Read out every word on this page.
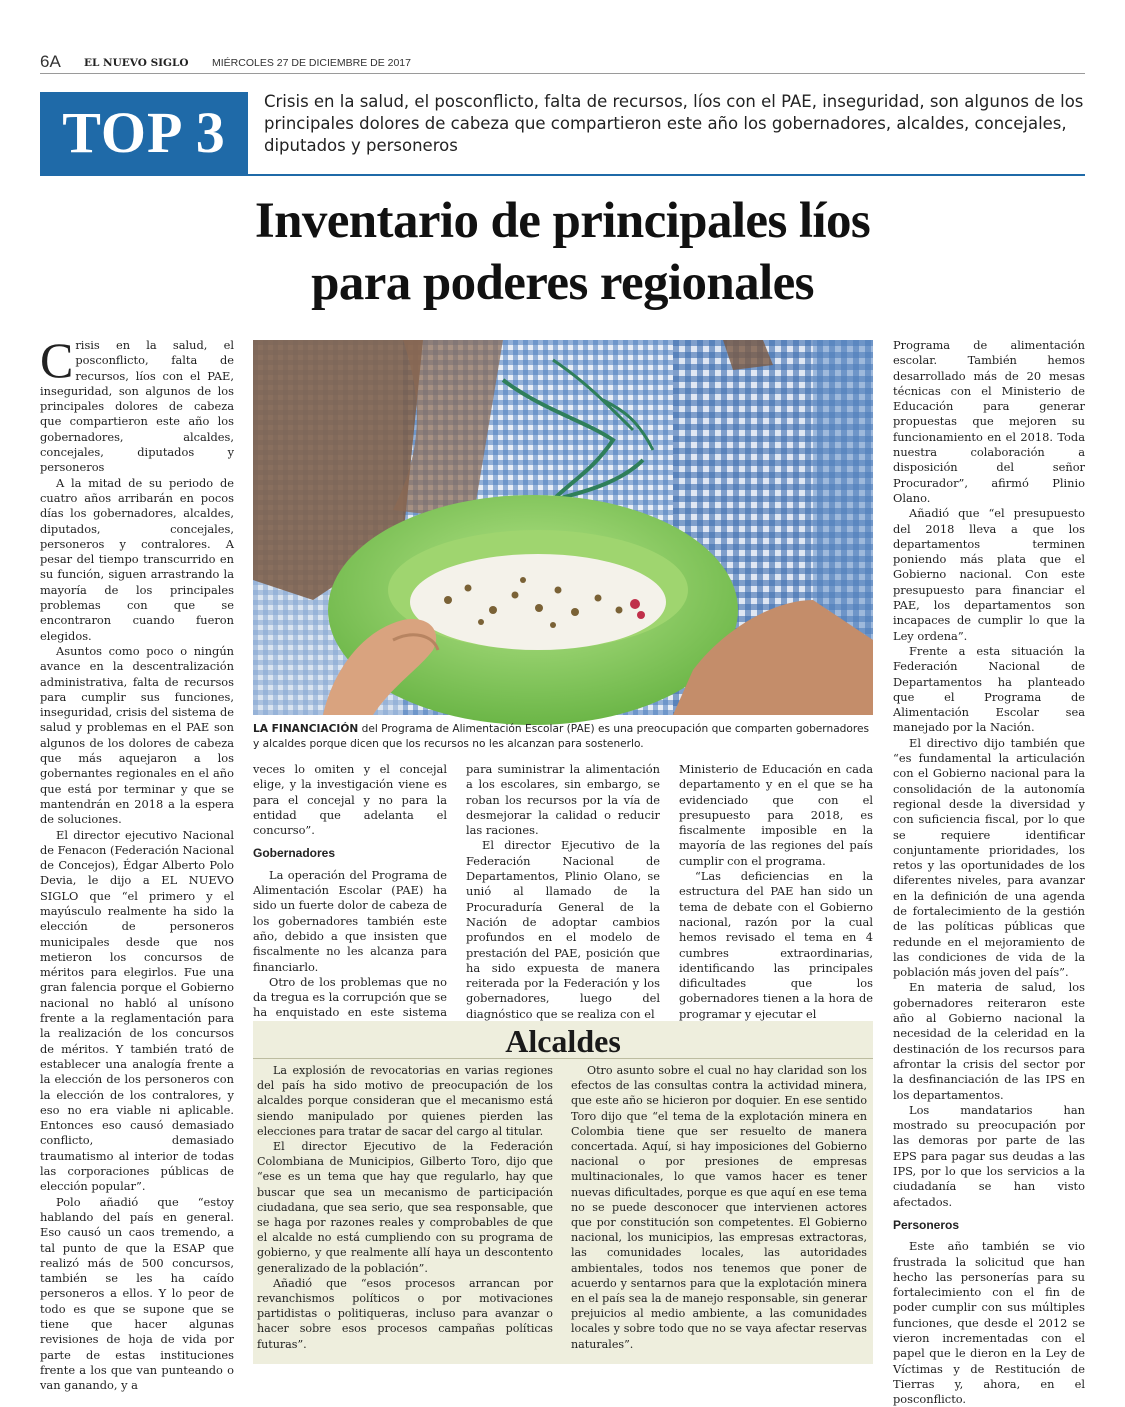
6A EL NUEVO SIGLO MIÉRCOLES 27 DE DICIEMBRE DE 2017
TOP 3	Crisis en la salud, el posconflicto, falta de recursos, líos con el PAE, inseguridad, son algunos de los principales dolores de cabeza que compartieron este año los gobernadores, alcaldes, concejales, diputados y personeros
Inventario de principales líos
para poderes regionales

Crisis en la salud, el posconflicto, falta de recursos, líos con el PAE, inseguridad, son algunos de los principales dolores de cabeza que compartieron este año los gobernadores, alcaldes, concejales, diputados y personeros

A la mitad de su periodo de cuatro años arribarán en pocos días los gobernadores, alcaldes, diputados, concejales, personeros y contralores. A pesar del tiempo transcurrido en su función, siguen arrastrando la mayoría de los principales problemas con que se encontraron cuando fueron elegidos.

Asuntos como poco o ningún avance en la descentralización administrativa, falta de recursos para cumplir sus funciones, inseguridad, crisis del sistema de salud y problemas en el PAE son algunos de los dolores de cabeza que más aquejaron a los gobernantes regionales en el año que está por terminar y que se mantendrán en 2018 a la espera de soluciones.

El director ejecutivo Nacional de Fenacon (Federación Nacional de Concejos), Édgar Alberto Polo Devia, le dijo a EL NUEVO SIGLO que “el primero y el mayúsculo realmente ha sido la elección de personeros municipales desde que nos metieron los concursos de méritos para elegirlos. Fue una gran falencia porque el Gobierno nacional no habló al unísono frente a la reglamentación para la realización de los concursos de méritos. Y también trató de establecer una analogía frente a la elección de los personeros con la elección de los contralores, y eso no era viable ni aplicable. Entonces eso causó demasiado conflicto, demasiado traumatismo al interior de todas las corporaciones públicas de elección popular”.

Polo añadió que “estoy hablando del país en general. Eso causó un caos tremendo, a tal punto de que la ESAP que realizó más de 500 concursos, también se les ha caído personeros a ellos. Y lo peor de todo es que se supone que se tiene que hacer algunas revisiones de hoja de vida por parte de estas instituciones frente a los que van punteando o van ganando, y a

LA FINANCIACIÓN del Programa de Alimentación Escolar (PAE) es una preocupación que comparten gobernadores y alcaldes porque dicen que los recursos no les alcanzan para sostenerlo.

veces lo omiten y el concejal elige, y la investigación viene es para el concejal y no para la entidad que adelanta el concurso”.

Gobernadores

La operación del Programa de Alimentación Escolar (PAE) ha sido un fuerte dolor de cabeza de los gobernadores también este año, debido a que insisten que fiscalmente no les alcanza para financiarlo.

Otro de los problemas que no da tregua es la corrupción que se ha enquistado en este sistema

para suministrar la alimentación a los escolares, sin embargo, se roban los recursos por la vía de desmejorar la calidad o reducir las raciones.

El director Ejecutivo de la Federación Nacional de Departamentos, Plinio Olano, se unió al llamado de la Procuraduría General de la Nación de adoptar cambios profundos en el modelo de prestación del PAE, posición que ha sido expuesta de manera reiterada por la Federación y los gobernadores, luego del diagnóstico que se realiza con el

Ministerio de Educación en cada departamento y en el que se ha evidenciado que con el presupuesto para 2018, es fiscalmente imposible en la mayoría de las regiones del país cumplir con el programa.

“Las deficiencias en la estructura del PAE han sido un tema de debate con el Gobierno nacional, razón por la cual hemos revisado el tema en 4 cumbres extraordinarias, identificando las principales dificultades que los gobernadores tienen a la hora de programar y ejecutar el

Programa de alimentación escolar. También hemos desarrollado más de 20 mesas técnicas con el Ministerio de Educación para generar propuestas que mejoren su funcionamiento en el 2018. Toda nuestra colaboración a disposición del señor Procurador”, afirmó Plinio Olano.

Añadió que “el presupuesto del 2018 lleva a que los departamentos terminen poniendo más plata que el Gobierno nacional. Con este presupuesto para financiar el PAE, los departamentos son incapaces de cumplir lo que la Ley ordena”.

Frente a esta situación la Federación Nacional de Departamentos ha planteado que el Programa de Alimentación Escolar sea manejado por la Nación.

El directivo dijo también que “es fundamental la articulación con el Gobierno nacional para la consolidación de la autonomía regional desde la diversidad y con suficiencia fiscal, por lo que se requiere identificar conjuntamente prioridades, los retos y las oportunidades de los diferentes niveles, para avanzar en la definición de una agenda de fortalecimiento de la gestión de las políticas públicas que redunde en el mejoramiento de las condiciones de vida de la población más joven del país”.

En materia de salud, los gobernadores reiteraron este año al Gobierno nacional la necesidad de la celeridad en la destinación de los recursos para afrontar la crisis del sector por la desfinanciación de las IPS en los departamentos.

Los mandatarios han mostrado su preocupación por las demoras por parte de las EPS para pagar sus deudas a las IPS, por lo que los servicios a la ciudadanía se han visto afectados.

Personeros

Este año también se vio frustrada la solicitud que han hecho las personerías para su fortalecimiento con el fin de poder cumplir con sus múltiples funciones, que desde el 2012 se vieron incrementadas con el papel que le dieron en la Ley de Víctimas y de Restitución de Tierras y, ahora, en el posconflicto.

Alcaldes

La explosión de revocatorias en varias regiones del país ha sido motivo de preocupación de los alcaldes porque consideran que el mecanismo está siendo manipulado por quienes pierden las elecciones para tratar de sacar del cargo al titular.

El director Ejecutivo de la Federación Colombiana de Municipios, Gilberto Toro, dijo que “ese es un tema que hay que regularlo, hay que buscar que sea un mecanismo de participación ciudadana, que sea serio, que sea responsable, que se haga por razones reales y comprobables de que el alcalde no está cumpliendo con su programa de gobierno, y que realmente allí haya un descontento generalizado de la población”.

Añadió que “esos procesos arrancan por revanchismos políticos o por motivaciones partidistas o politiqueras, incluso para avanzar o hacer sobre esos procesos campañas políticas futuras”.

Otro asunto sobre el cual no hay claridad son los efectos de las consultas contra la actividad minera, que este año se hicieron por doquier. En ese sentido Toro dijo que “el tema de la explotación minera en Colombia tiene que ser resuelto de manera concertada. Aquí, si hay imposiciones del Gobierno nacional o por presiones de empresas multinacionales, lo que vamos hacer es tener nuevas dificultades, porque es que aquí en ese tema no se puede desconocer que intervienen actores que por constitución son competentes. El Gobierno nacional, los municipios, las empresas extractoras, las comunidades locales, las autoridades ambientales, todos nos tenemos que poner de acuerdo y sentarnos para que la explotación minera en el país sea la de manejo responsable, sin generar prejuicios al medio ambiente, a las comunidades locales y sobre todo que no se vaya afectar reservas naturales”.
